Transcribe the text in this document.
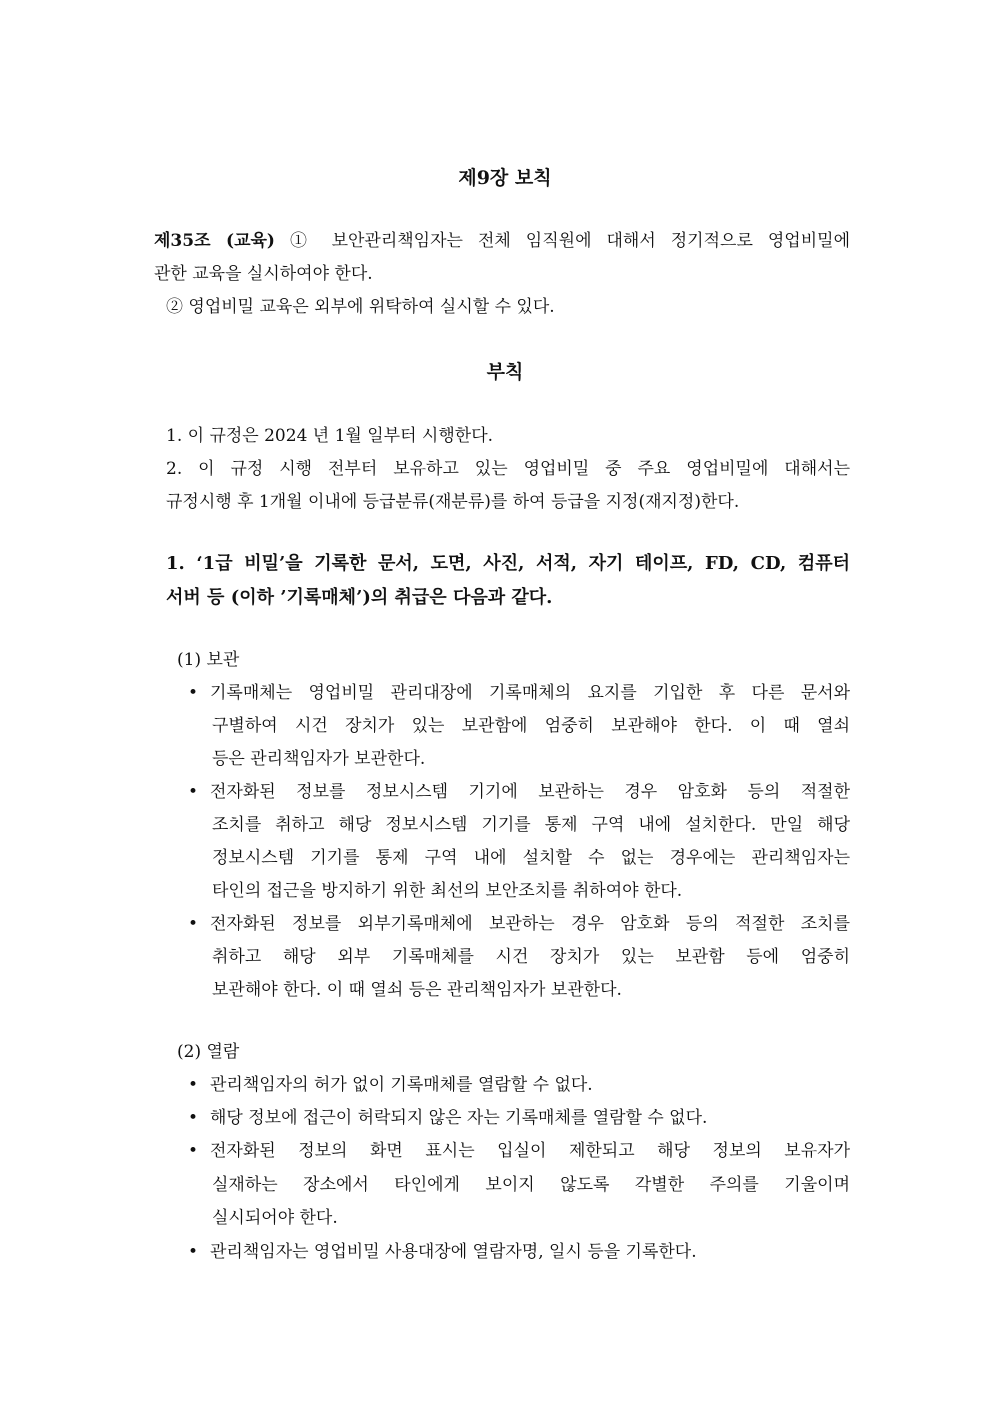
제9장 보칙
제35조 (교육) ① 보안관리책임자는 전체 임직원에 대해서 정기적으로 영업비밀에
관한 교육을 실시하여야 한다.
② 영업비밀 교육은 외부에 위탁하여 실시할 수 있다.
부칙
1. 이 규정은 2024 년 1월 일부터 시행한다.
2. 이 규정 시행 전부터 보유하고 있는 영업비밀 중 주요 영업비밀에 대해서는
규정시행 후 1개월 이내에 등급분류(재분류)를 하여 등급을 지정(재지정)한다.
1. ‘1급 비밀’을 기록한 문서, 도면, 사진, 서적, 자기 테이프, FD, CD, 컴퓨터
서버 등 (이하 ’기록매체’)의 취급은 다음과 같다.
(1) 보관
• 기록매체는 영업비밀 관리대장에 기록매체의 요지를 기입한 후 다른 문서와
구별하여 시건 장치가 있는 보관함에 엄중히 보관해야 한다. 이 때 열쇠
등은 관리책임자가 보관한다.
• 전자화된 정보를 정보시스템 기기에 보관하는 경우 암호화 등의 적절한
조치를 취하고 해당 정보시스템 기기를 통제 구역 내에 설치한다. 만일 해당
정보시스템 기기를 통제 구역 내에 설치할 수 없는 경우에는 관리책임자는
타인의 접근을 방지하기 위한 최선의 보안조치를 취하여야 한다.
• 전자화된 정보를 외부기록매체에 보관하는 경우 암호화 등의 적절한 조치를
취하고 해당 외부 기록매체를 시건 장치가 있는 보관함 등에 엄중히
보관해야 한다. 이 때 열쇠 등은 관리책임자가 보관한다.
(2) 열람
• 관리책임자의 허가 없이 기록매체를 열람할 수 없다.
• 해당 정보에 접근이 허락되지 않은 자는 기록매체를 열람할 수 없다.
• 전자화된 정보의 화면 표시는 입실이 제한되고 해당 정보의 보유자가
실재하는 장소에서 타인에게 보이지 않도록 각별한 주의를 기울이며
실시되어야 한다.
• 관리책임자는 영업비밀 사용대장에 열람자명, 일시 등을 기록한다.
